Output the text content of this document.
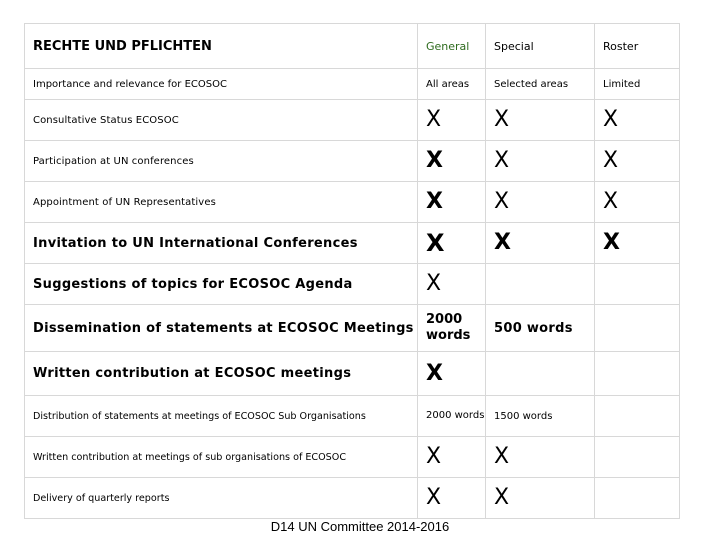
RECHTE UND PFLICHTEN	General	Special	Roster
Importance and relevance for ECOSOC	All areas	Selected areas	Limited
Consultative Status ECOSOC	X	X	X
Participation at UN conferences	X	X	X
Appointment of UN Representatives	X	X	X
Invitation to UN International Conferences	X	X	X
Suggestions of topics for ECOSOC Agenda	X		
Dissemination of statements at ECOSOC Meetings	2000 words	500 words	
Written contribution at ECOSOC meetings	X		
Distribution of statements at meetings of ECOSOC Sub Organisations	2000 words	1500 words	
Written contribution at meetings of sub organisations of ECOSOC	X	X	
Delivery of quarterly reports	X	X	
D14 UN Committee 2014-2016
